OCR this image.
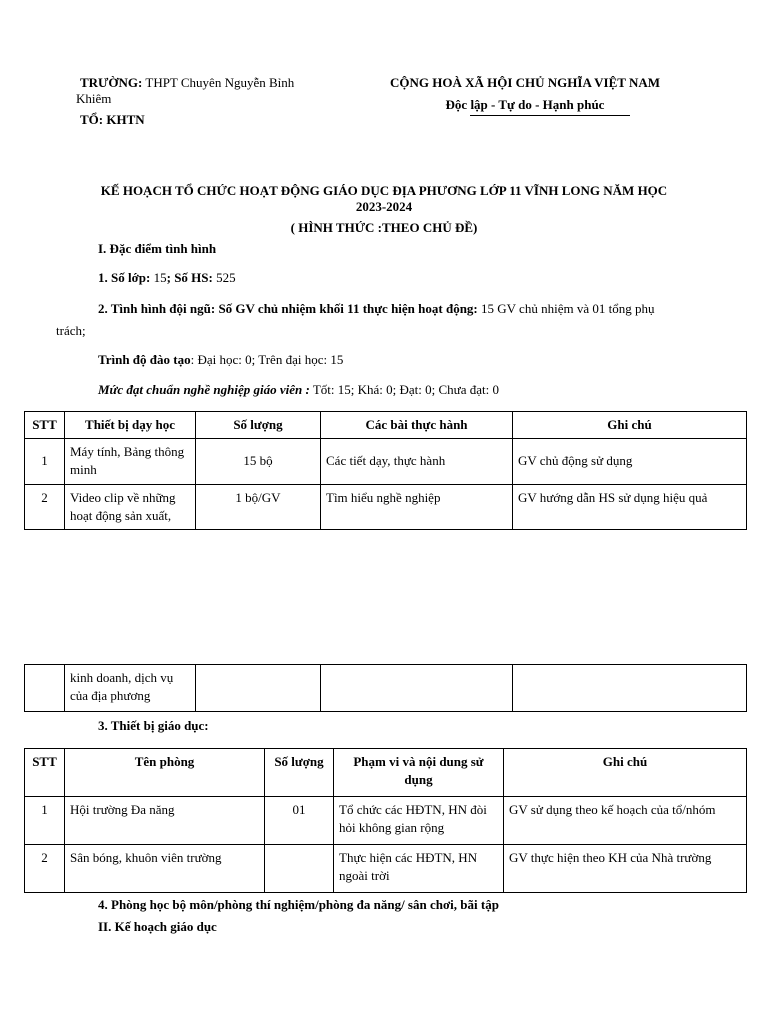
TRƯỜNG: THPT Chuyên Nguyễn Bỉnh
Khiêm
TỔ: KHTN
CỘNG HOÀ XÃ HỘI CHỦ NGHĨA VIỆT NAM
Độc lập - Tự do - Hạnh phúc
KẾ HOẠCH TỔ CHỨC HOẠT ĐỘNG GIÁO DỤC ĐỊA PHƯƠNG LỚP 11 VĨNH LONG NĂM HỌC
2023-2024
( HÌNH THỨC :THEO CHỦ ĐỀ)
I. Đặc điểm tình hình
1. Số lớp: 15; Số HS: 525
2. Tình hình đội ngũ: Số GV chủ nhiệm khối 11 thực hiện hoạt động: 15 GV chủ nhiệm và 01 tổng phụ
trách;
Trình độ đào tạo: Đại học: 0; Trên đại học: 15
Mức đạt chuẩn nghề nghiệp giáo viên : Tốt: 15; Khá: 0; Đạt: 0; Chưa đạt: 0
STT	Thiết bị dạy học	Số lượng	Các bài thực hành	Ghi chú
1	Máy tính, Bảng thông minh	15 bộ	Các tiết dạy, thực hành	GV chủ động sử dụng
2	Video clip về những hoạt động sản xuất,	1 bộ/GV	Tìm hiểu nghề nghiệp	GV hướng dẫn HS sử dụng hiệu quả
	kinh doanh, dịch vụ của địa phương			
3. Thiết bị giáo dục:
STT	Tên phòng	Số lượng	Phạm vi và nội dung sử dụng	Ghi chú
1	Hội trường Đa năng	01	Tổ chức các HĐTN, HN đòi hỏi không gian rộng	GV sử dụng theo kế hoạch của tổ/nhóm
2	Sân bóng, khuôn viên trường		Thực hiện các HĐTN, HN ngoài trời	GV thực hiện theo KH của Nhà trường
4. Phòng học bộ môn/phòng thí nghiệm/phòng đa năng/ sân chơi, bãi tập
II. Kế hoạch giáo dục
